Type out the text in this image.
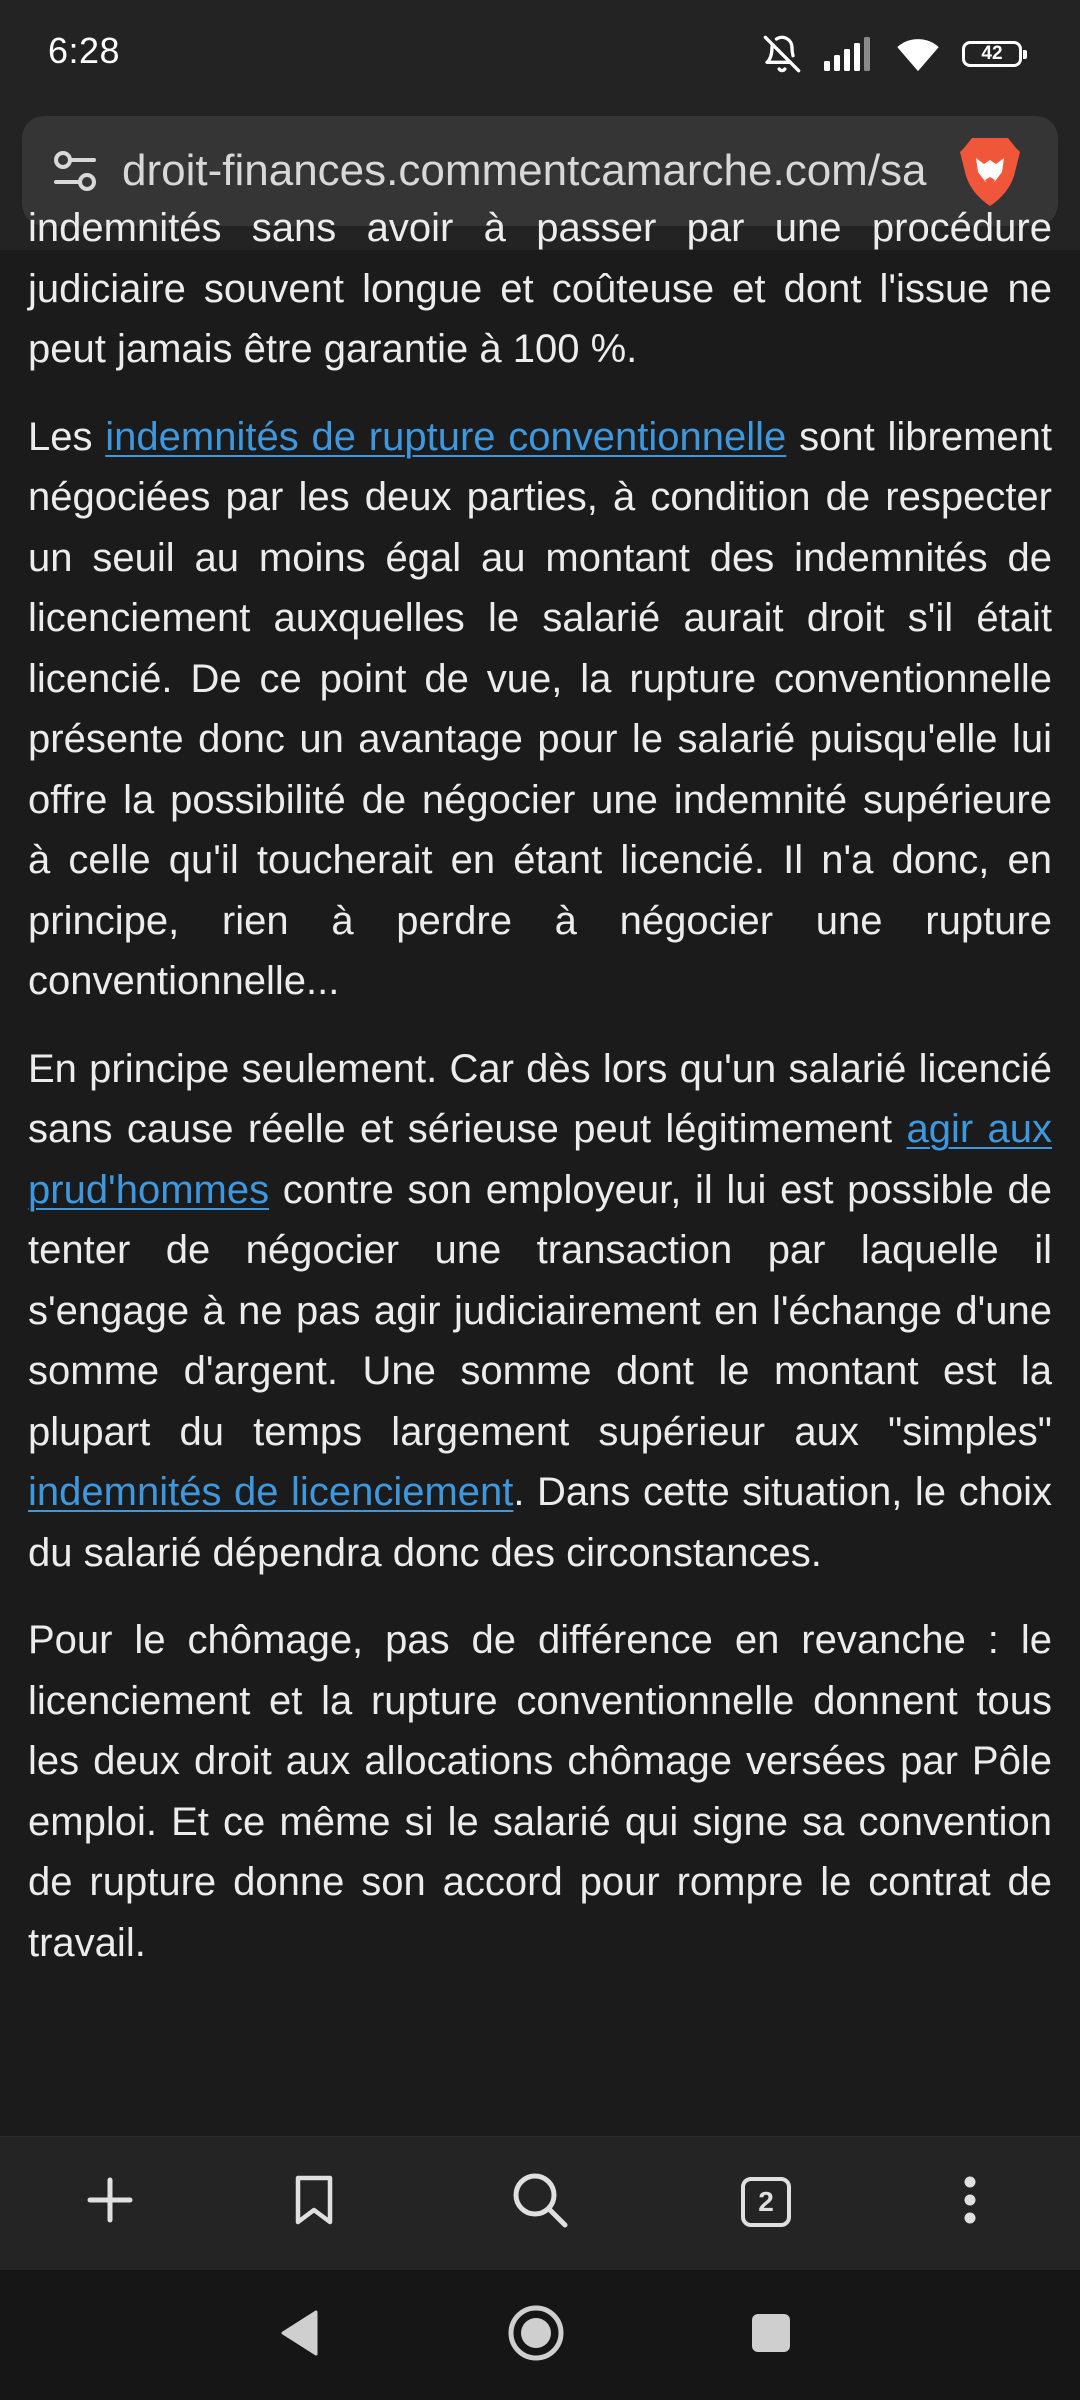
6:28	42
droit-finances.commentcamarche.com/sa

indemnités sans avoir à passer par une procédure judiciaire souvent longue et coûteuse et dont l'issue ne peut jamais être garantie à 100 %.

Les indemnités de rupture conventionnelle sont librement négociées par les deux parties, à condition de respecter un seuil au moins égal au montant des indemnités de licenciement auxquelles le salarié aurait droit s'il était licencié. De ce point de vue, la rupture conventionnelle présente donc un avantage pour le salarié puisqu'elle lui offre la possibilité de négocier une indemnité supérieure à celle qu'il toucherait en étant licencié. Il n'a donc, en principe, rien à perdre à négocier une rupture conventionnelle...

En principe seulement. Car dès lors qu'un salarié licencié sans cause réelle et sérieuse peut légitimement agir aux prud'hommes contre son employeur, il lui est possible de tenter de négocier une transaction par laquelle il s'engage à ne pas agir judiciairement en l'échange d'une somme d'argent. Une somme dont le montant est la plupart du temps largement supérieur aux "simples" indemnités de licenciement. Dans cette situation, le choix du salarié dépendra donc des circonstances.

Pour le chômage, pas de différence en revanche : le licenciement et la rupture conventionnelle donnent tous les deux droit aux allocations chômage versées par Pôle emploi. Et ce même si le salarié qui signe sa convention de rupture donne son accord pour rompre le contrat de travail.

2
